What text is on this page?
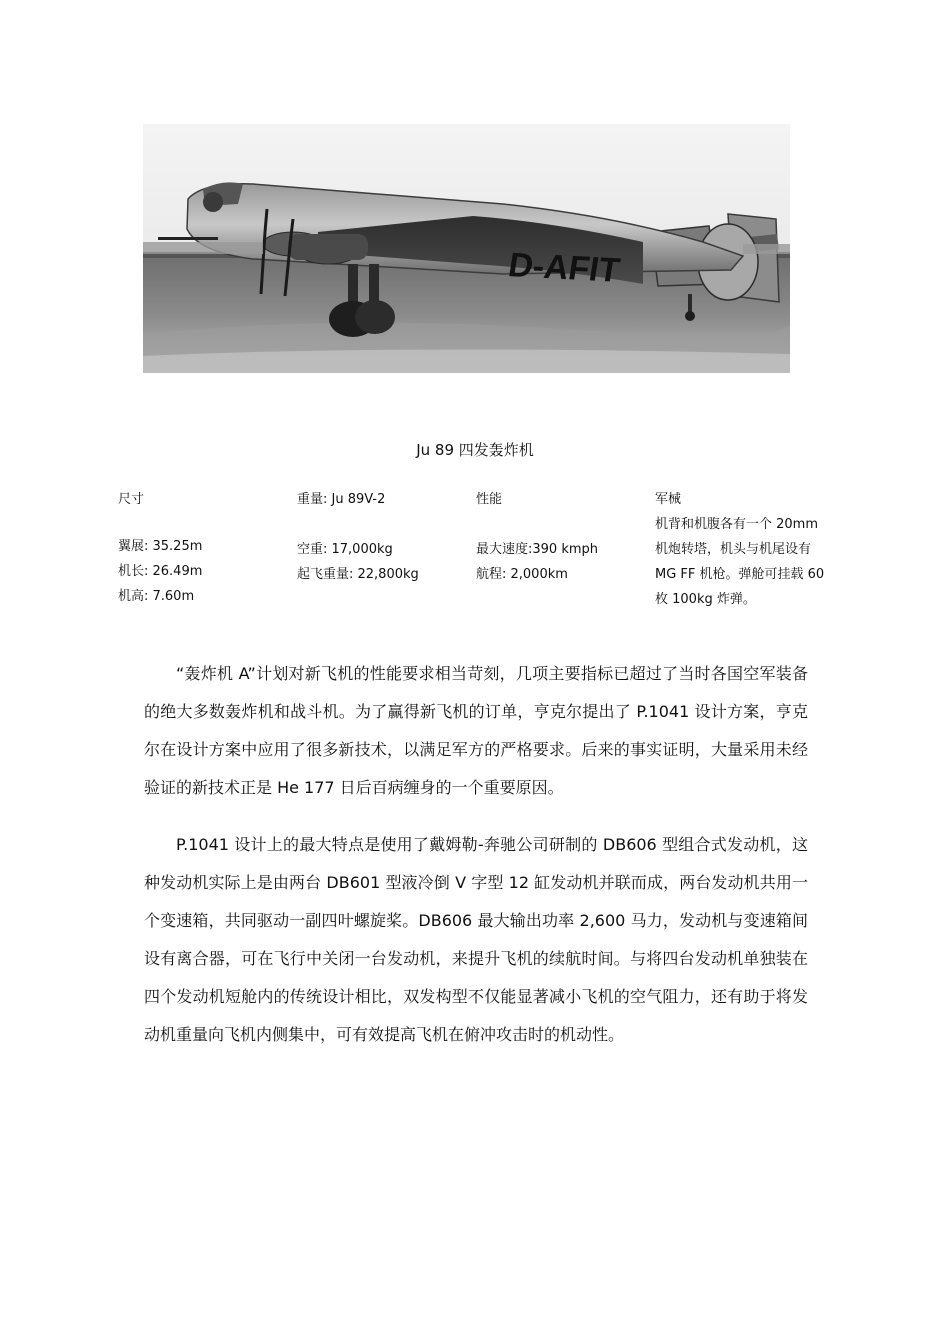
D-AFIT
Ju 89 四发轰炸机
尺寸
翼展: 35.25m
机长: 26.49m
机高: 7.60m
重量: Ju 89V-2
空重: 17,000kg
起飞重量: 22,800kg
性能
最大速度:390 kmph
航程: 2,000km
军械
机背和机腹各有一个 20mm
机炮转塔，机头与机尾设有
MG FF 机枪。弹舱可挂载 60
枚 100kg 炸弹。

“轰炸机 A”计划对新飞机的性能要求相当苛刻，几项主要指标已超过了当时各国空军装备的绝大多数轰炸机和战斗机。为了赢得新飞机的订单，亨克尔提出了 P.1041 设计方案，亨克尔在设计方案中应用了很多新技术，以满足军方的严格要求。后来的事实证明，大量采用未经验证的新技术正是 He 177 日后百病缠身的一个重要原因。

P.1041 设计上的最大特点是使用了戴姆勒-奔驰公司研制的 DB606 型组合式发动机，这种发动机实际上是由两台 DB601 型液冷倒 V 字型 12 缸发动机并联而成，两台发动机共用一个变速箱，共同驱动一副四叶螺旋桨。DB606 最大输出功率 2,600 马力，发动机与变速箱间设有离合器，可在飞行中关闭一台发动机，来提升飞机的续航时间。与将四台发动机单独装在四个发动机短舱内的传统设计相比，双发构型不仅能显著减小飞机的空气阻力，还有助于将发动机重量向飞机内侧集中，可有效提高飞机在俯冲攻击时的机动性。
